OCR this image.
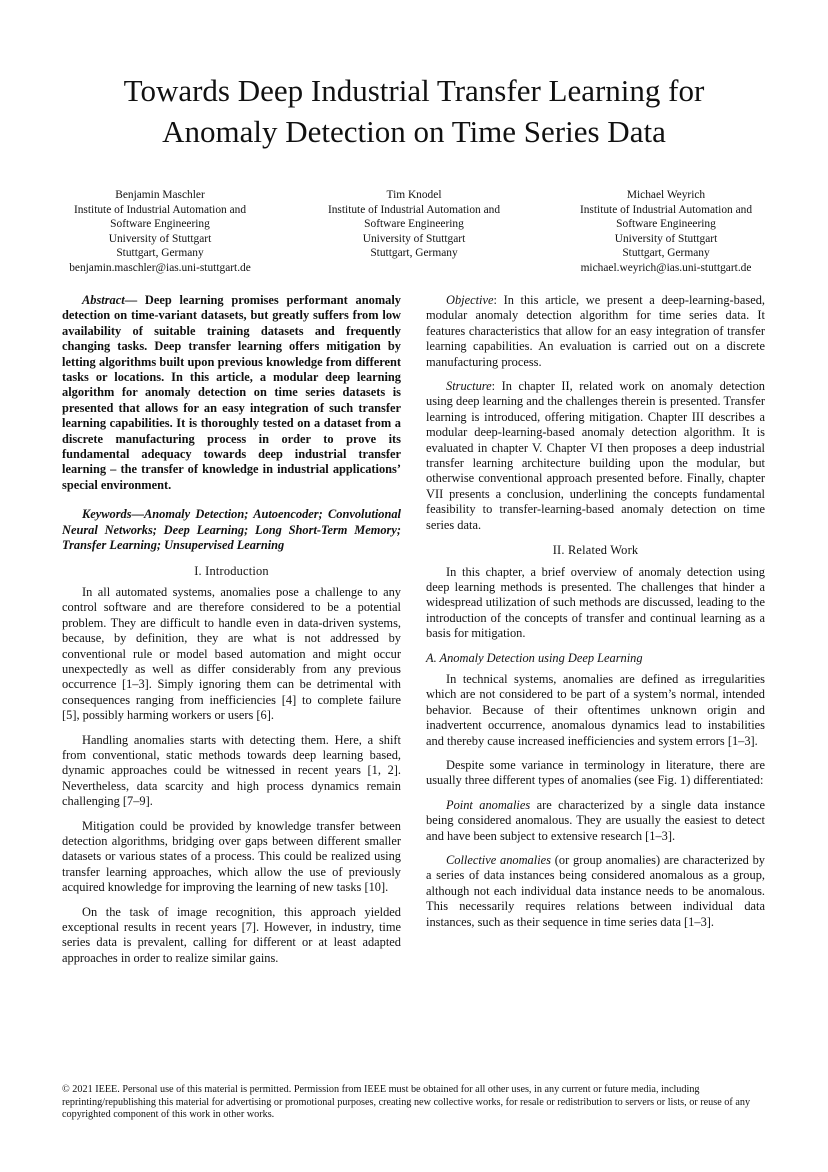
Towards Deep Industrial Transfer Learning for
Anomaly Detection on Time Series Data
Benjamin Maschler
Institute of Industrial Automation and
Software Engineering
University of Stuttgart
Stuttgart, Germany
benjamin.maschler@ias.uni-stuttgart.de
Tim Knodel
Institute of Industrial Automation and
Software Engineering
University of Stuttgart
Stuttgart, Germany
Michael Weyrich
Institute of Industrial Automation and
Software Engineering
University of Stuttgart
Stuttgart, Germany
michael.weyrich@ias.uni-stuttgart.de

Abstract— Deep learning promises performant anomaly detection on time-variant datasets, but greatly suffers from low availability of suitable training datasets and frequently changing tasks. Deep transfer learning offers mitigation by letting algorithms built upon previous knowledge from different tasks or locations. In this article, a modular deep learning algorithm for anomaly detection on time series datasets is presented that allows for an easy integration of such transfer learning capabilities. It is thoroughly tested on a dataset from a discrete manufacturing process in order to prove its fundamental adequacy towards deep industrial transfer learning – the transfer of knowledge in industrial applications’ special environment.

Keywords—Anomaly Detection; Autoencoder; Convolutional Neural Networks; Deep Learning; Long Short-Term Memory; Transfer Learning; Unsupervised Learning

I. Introduction

In all automated systems, anomalies pose a challenge to any control software and are therefore considered to be a potential problem. They are difficult to handle even in data-driven systems, because, by definition, they are what is not addressed by conventional rule or model based automation and might occur unexpectedly as well as differ considerably from any previous occurrence [1–3]. Simply ignoring them can be detrimental with consequences ranging from inefficiencies [4] to complete failure [5], possibly harming workers or users [6].

Handling anomalies starts with detecting them. Here, a shift from conventional, static methods towards deep learning based, dynamic approaches could be witnessed in recent years [1, 2]. Nevertheless, data scarcity and high process dynamics remain challenging [7–9].

Mitigation could be provided by knowledge transfer between detection algorithms, bridging over gaps between different smaller datasets or various states of a process. This could be realized using transfer learning approaches, which allow the use of previously acquired knowledge for improving the learning of new tasks [10].

On the task of image recognition, this approach yielded exceptional results in recent years [7]. However, in industry, time series data is prevalent, calling for different or at least adapted approaches in order to realize similar gains.

Objective: In this article, we present a deep-learning-based, modular anomaly detection algorithm for time series data. It features characteristics that allow for an easy integration of transfer learning capabilities. An evaluation is carried out on a discrete manufacturing process.

Structure: In chapter II, related work on anomaly detection using deep learning and the challenges therein is presented. Transfer learning is introduced, offering mitigation. Chapter III describes a modular deep-learning-based anomaly detection algorithm. It is evaluated in chapter V. Chapter VI then proposes a deep industrial transfer learning architecture building upon the modular, but otherwise conventional approach presented before. Finally, chapter VII presents a conclusion, underlining the concepts fundamental feasibility to transfer-learning-based anomaly detection on time series data.

II. Related Work

In this chapter, a brief overview of anomaly detection using deep learning methods is presented. The challenges that hinder a widespread utilization of such methods are discussed, leading to the introduction of the concepts of transfer and continual learning as a basis for mitigation.

A. Anomaly Detection using Deep Learning

In technical systems, anomalies are defined as irregularities which are not considered to be part of a system’s normal, intended behavior. Because of their oftentimes unknown origin and inadvertent occurrence, anomalous dynamics lead to instabilities and thereby cause increased inefficiencies and system errors [1–3].

Despite some variance in terminology in literature, there are usually three different types of anomalies (see Fig. 1) differentiated:

Point anomalies are characterized by a single data instance being considered anomalous. They are usually the easiest to detect and have been subject to extensive research [1–3].

Collective anomalies (or group anomalies) are characterized by a series of data instances being considered anomalous as a group, although not each individual data instance needs to be anomalous. This necessarily requires relations between individual data instances, such as their sequence in time series data [1–3].

© 2021 IEEE. Personal use of this material is permitted. Permission from IEEE must be obtained for all other uses, in any current or future media, including reprinting/republishing this material for advertising or promotional purposes, creating new collective works, for resale or redistribution to servers or lists, or reuse of any copyrighted component of this work in other works.
